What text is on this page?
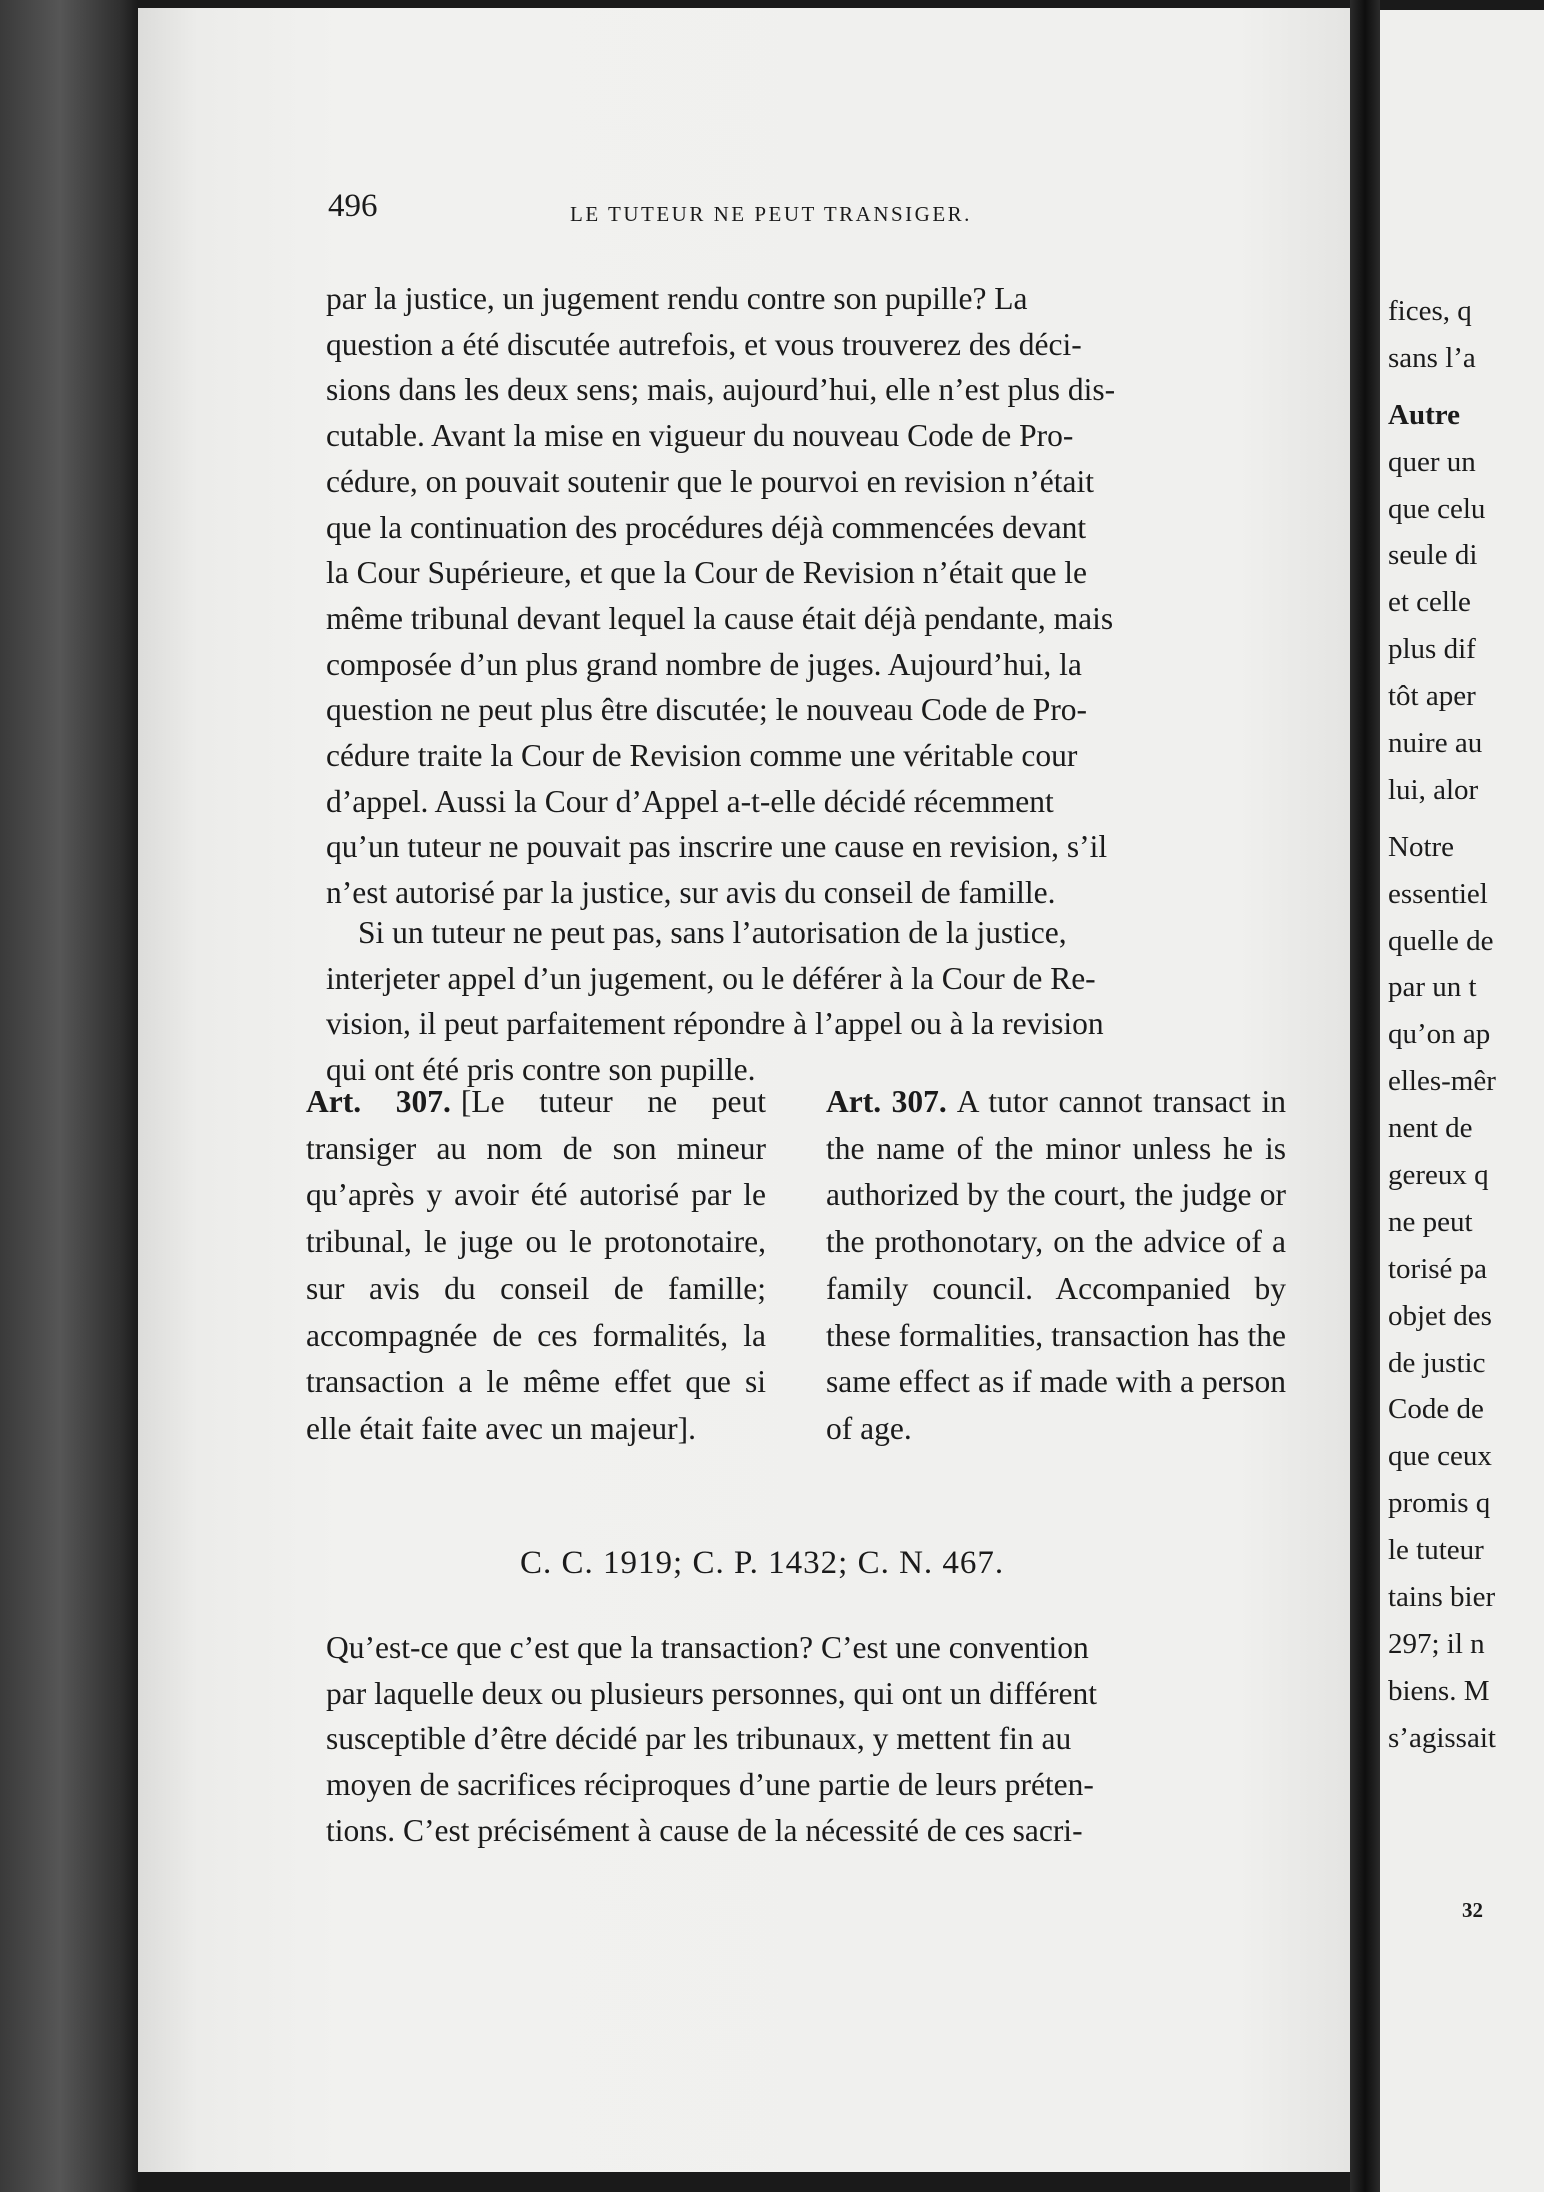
fices, q
sans l’a
Autre
quer un
que celu
seule di
et celle
plus dif
tôt aper
nuire au
lui, alor
Notre
essentiel
quelle de
par un t
qu’on ap
elles-mêr
nent de
gereux q
ne peut
torisé pa
objet des
de justic
Code de
que ceux
promis q
le tuteur
tains bier
297; il n
biens. M
s’agissait
32
496	LE TUTEUR NE PEUT TRANSIGER.

par la justice, un jugement rendu contre son pupille? La

question a été discutée autrefois, et vous trouverez des déci-

sions dans les deux sens; mais, aujourd’hui, elle n’est plus dis-

cutable. Avant la mise en vigueur du nouveau Code de Pro-

cédure, on pouvait soutenir que le pourvoi en revision n’était

que la continuation des procédures déjà commencées devant

la Cour Supérieure, et que la Cour de Revision n’était que le

même tribunal devant lequel la cause était déjà pendante, mais

composée d’un plus grand nombre de juges. Aujourd’hui, la

question ne peut plus être discutée; le nouveau Code de Pro-

cédure traite la Cour de Revision comme une véritable cour

d’appel. Aussi la Cour d’Appel a-t-elle décidé récemment

qu’un tuteur ne pouvait pas inscrire une cause en revision, s’il

n’est autorisé par la justice, sur avis du conseil de famille.

Si un tuteur ne peut pas, sans l’autorisation de la justice,

interjeter appel d’un jugement, ou le déférer à la Cour de Re-

vision, il peut parfaitement répondre à l’appel ou à la revision

qui ont été pris contre son pupille.

Art. 307. [Le tuteur ne peut transiger au nom de son mineur qu’après y avoir été autorisé par le tribunal, le juge ou le protonotaire, sur avis du conseil de famille; accompagnée de ces formalités, la transaction a le même effet que si elle était faite avec un majeur].
Art. 307. A tutor cannot transact in the name of the minor unless he is authorized by the court, the judge or the prothonotary, on the advice of a family council. Accompanied by these formalities, transaction has the same effect as if made with a person of age.
C. C. 1919; C. P. 1432; C. N. 467.

Qu’est-ce que c’est que la transaction? C’est une convention

par laquelle deux ou plusieurs personnes, qui ont un différent

susceptible d’être décidé par les tribunaux, y mettent fin au

moyen de sacrifices réciproques d’une partie de leurs préten-

tions. C’est précisément à cause de la nécessité de ces sacri-
